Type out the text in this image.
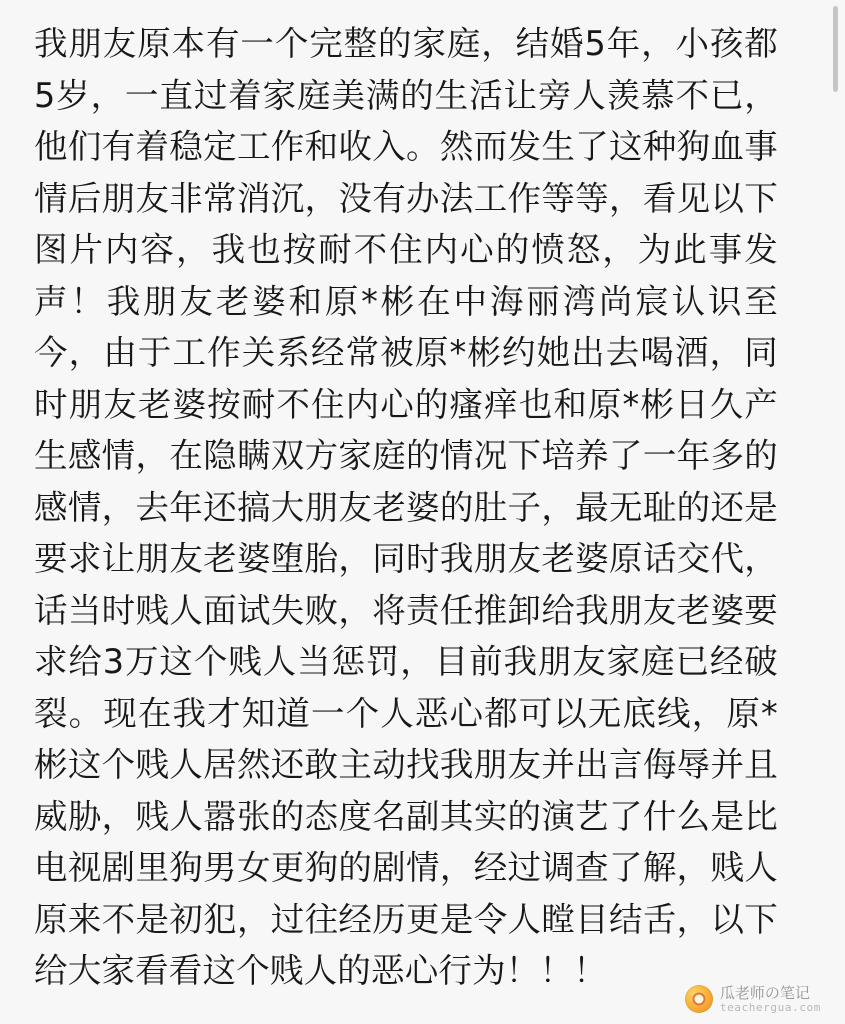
我朋友原本有一个完整的家庭，结婚5年，小孩都5岁，一直过着家庭美满的生活让旁人羡慕不已，他们有着稳定工作和收入。然而发生了这种狗血事情后朋友非常消沉，没有办法工作等等，看见以下图片内容，我也按耐不住内心的愤怒，为此事发声！我朋友老婆和原*彬在中海丽湾尚宸认识至今，由于工作关系经常被原*彬约她出去喝酒，同时朋友老婆按耐不住内心的瘙痒也和原*彬日久产生感情，在隐瞒双方家庭的情况下培养了一年多的感情，去年还搞大朋友老婆的肚子，最无耻的还是要求让朋友老婆堕胎，同时我朋友老婆原话交代，话当时贱人面试失败，将责任推卸给我朋友老婆要求给3万这个贱人当惩罚，目前我朋友家庭已经破裂。现在我才知道一个人恶心都可以无底线，原*彬这个贱人居然还敢主动找我朋友并出言侮辱并且威胁，贱人嚣张的态度名副其实的演艺了什么是比电视剧里狗男女更狗的剧情，经过调查了解，贱人原来不是初犯，过往经历更是令人瞠目结舌，以下给大家看看这个贱人的恶心行为！！！

瓜老师の笔记
teacherguа.com
